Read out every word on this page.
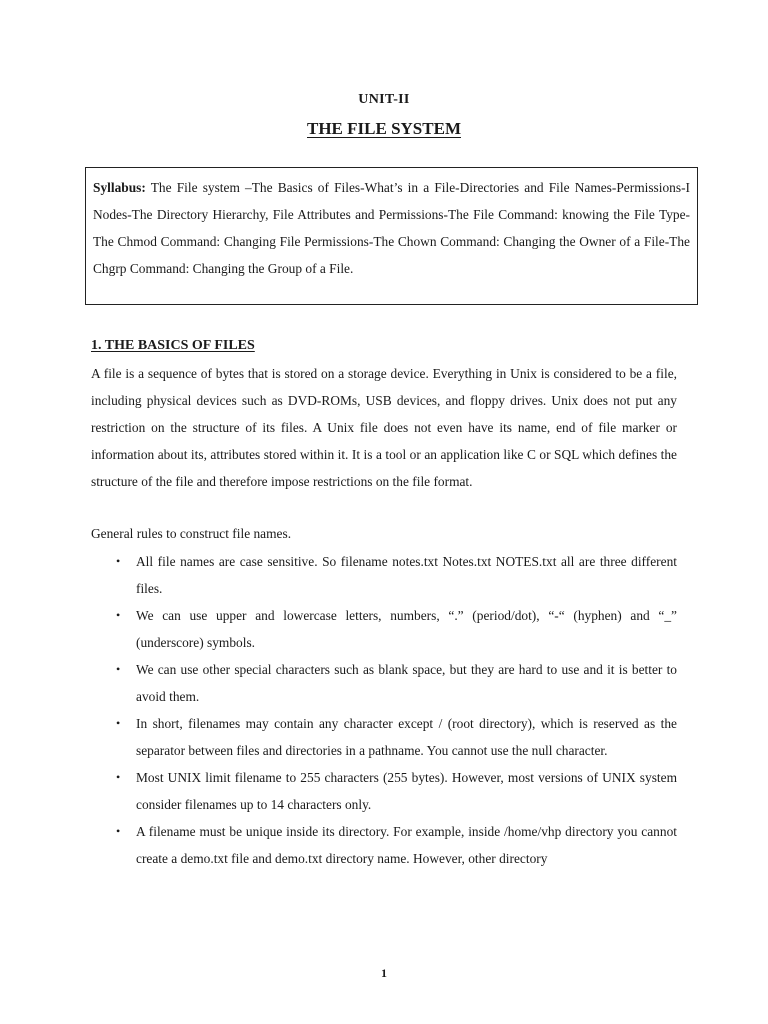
UNIT-II
THE FILE SYSTEM
Syllabus: The File system –The Basics of Files-What’s in a File-Directories and File Names-Permissions-I Nodes-The Directory Hierarchy, File Attributes and Permissions-The File Command: knowing the File Type-The Chmod Command: Changing File Permissions-The Chown Command: Changing the Owner of a File-The Chgrp Command: Changing the Group of a File.
1. THE BASICS OF FILES
A file is a sequence of bytes that is stored on a storage device. Everything in Unix is considered to be a file, including physical devices such as DVD-ROMs, USB devices, and floppy drives. Unix does not put any restriction on the structure of its files. A Unix file does not even have its name, end of file marker or information about its, attributes stored within it. It is a tool or an application like C or SQL which defines the structure of the file and therefore impose restrictions on the file format.
General rules to construct file names.
• All file names are case sensitive. So filename notes.txt Notes.txt NOTES.txt all are three different files.
• We can use upper and lowercase letters, numbers, “.” (period/dot), “-“ (hyphen) and “_” (underscore) symbols.
• We can use other special characters such as blank space, but they are hard to use and it is better to avoid them.
• In short, filenames may contain any character except / (root directory), which is reserved as the separator between files and directories in a pathname. You cannot use the null character.
• Most UNIX limit filename to 255 characters (255 bytes). However, most versions of UNIX system consider filenames up to 14 characters only.
• A filename must be unique inside its directory. For example, inside /home/vhp directory you cannot create a demo.txt file and demo.txt directory name. However, other directory
1
